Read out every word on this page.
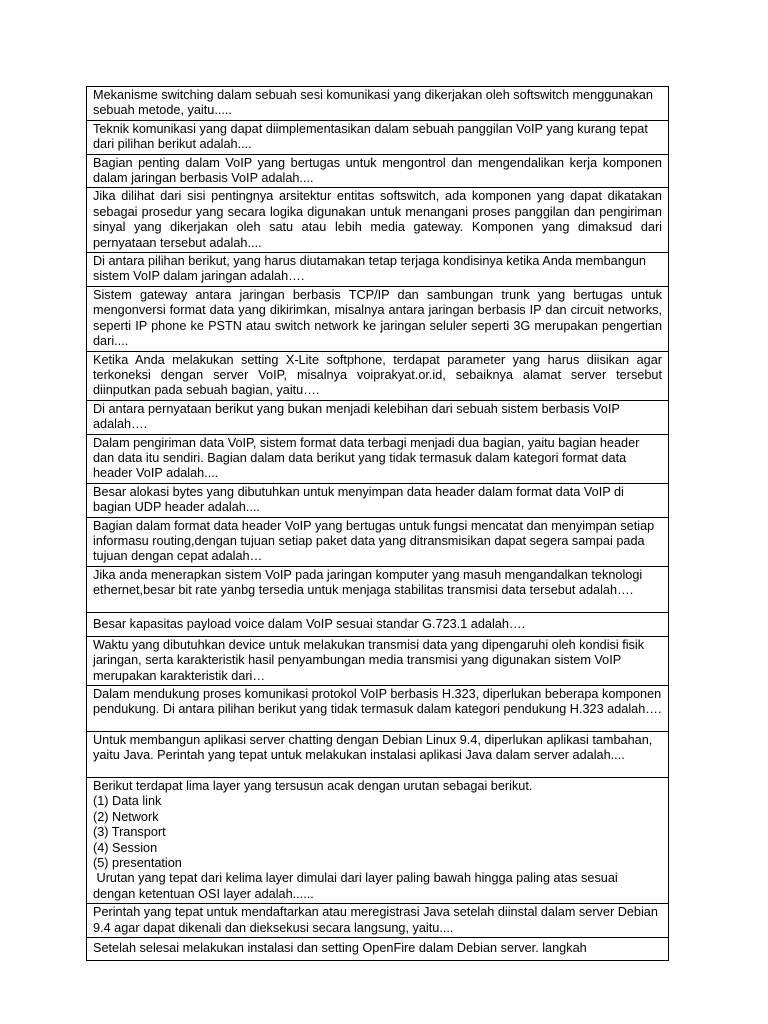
Mekanisme switching dalam sebuah sesi komunikasi yang dikerjakan oleh softswitch menggunakan sebuah metode, yaitu.....

Teknik komunikasi yang dapat diimplementasikan dalam sebuah panggilan VoIP yang kurang tepat dari pilihan berikut adalah....

Bagian penting dalam VoIP yang bertugas untuk mengontrol dan mengendalikan kerja komponen dalam jaringan berbasis VoIP adalah....

Jika dilihat dari sisi pentingnya arsitektur entitas softswitch, ada komponen yang dapat dikatakan sebagai prosedur yang secara logika digunakan untuk menangani proses panggilan dan pengiriman sinyal yang dikerjakan oleh satu atau lebih media gateway. Komponen yang dimaksud dari pernyataan tersebut adalah....

Di antara pilihan berikut, yang harus diutamakan tetap terjaga kondisinya ketika Anda membangun sistem VoIP dalam jaringan adalah….

Sistem gateway antara jaringan berbasis TCP/IP dan sambungan trunk yang bertugas untuk mengonversi format data yang dikirimkan, misalnya antara jaringan berbasis IP dan circuit networks, seperti IP phone ke PSTN atau switch network ke jaringan seluler seperti 3G merupakan pengertian dari....

Ketika Anda melakukan setting X-Lite softphone, terdapat parameter yang harus diisikan agar terkoneksi dengan server VoIP, misalnya voiprakyat.or.id, sebaiknya alamat server tersebut diinputkan pada sebuah bagian, yaitu….

Di antara pernyataan berikut yang bukan menjadi kelebihan dari sebuah sistem berbasis VoIP adalah….

Dalam pengiriman data VoIP, sistem format data terbagi menjadi dua bagian, yaitu bagian header dan data itu sendiri. Bagian dalam data berikut yang tidak termasuk dalam kategori format data header VoIP adalah....

Besar alokasi bytes yang dibutuhkan untuk menyimpan data header dalam format data VoIP di bagian UDP header adalah....

Bagian dalam format data header VoIP yang bertugas untuk fungsi mencatat dan menyimpan setiap informasu routing,dengan tujuan setiap paket data yang ditransmisikan dapat segera sampai pada tujuan dengan cepat adalah…

Jika anda menerapkan sistem VoIP pada jaringan komputer yang masuh mengandalkan teknologi ethernet,besar bit rate yanbg tersedia untuk menjaga stabilitas transmisi data tersebut adalah….

Besar kapasitas payload voice dalam VoIP sesuai standar G.723.1 adalah….

Waktu yang dibutuhkan device untuk melakukan transmisi data yang dipengaruhi oleh kondisi fisik jaringan, serta karakteristik hasil penyambungan media transmisi yang digunakan sistem VoIP merupakan karakteristik dari…

Dalam mendukung proses komunikasi protokol VoIP berbasis H.323, diperlukan beberapa komponen pendukung. Di antara pilihan berikut yang tidak termasuk dalam kategori pendukung H.323 adalah….

Untuk membangun aplikasi server chatting dengan Debian Linux 9.4, diperlukan aplikasi tambahan, yaitu Java. Perintah yang tepat untuk melakukan instalasi aplikasi Java dalam server adalah....

Berikut terdapat lima layer yang tersusun acak dengan urutan sebagai berikut.
(1) Data link
(2) Network
(3) Transport
(4) Session
(5) presentation
Urutan yang tepat dari kelima layer dimulai dari layer paling bawah hingga paling atas sesuai dengan ketentuan OSI layer adalah......

Perintah yang tepat untuk mendaftarkan atau meregistrasi Java setelah diinstal dalam server Debian 9.4 agar dapat dikenali dan dieksekusi secara langsung, yaitu....

Setelah selesai melakukan instalasi dan setting OpenFire dalam Debian server. langkah
